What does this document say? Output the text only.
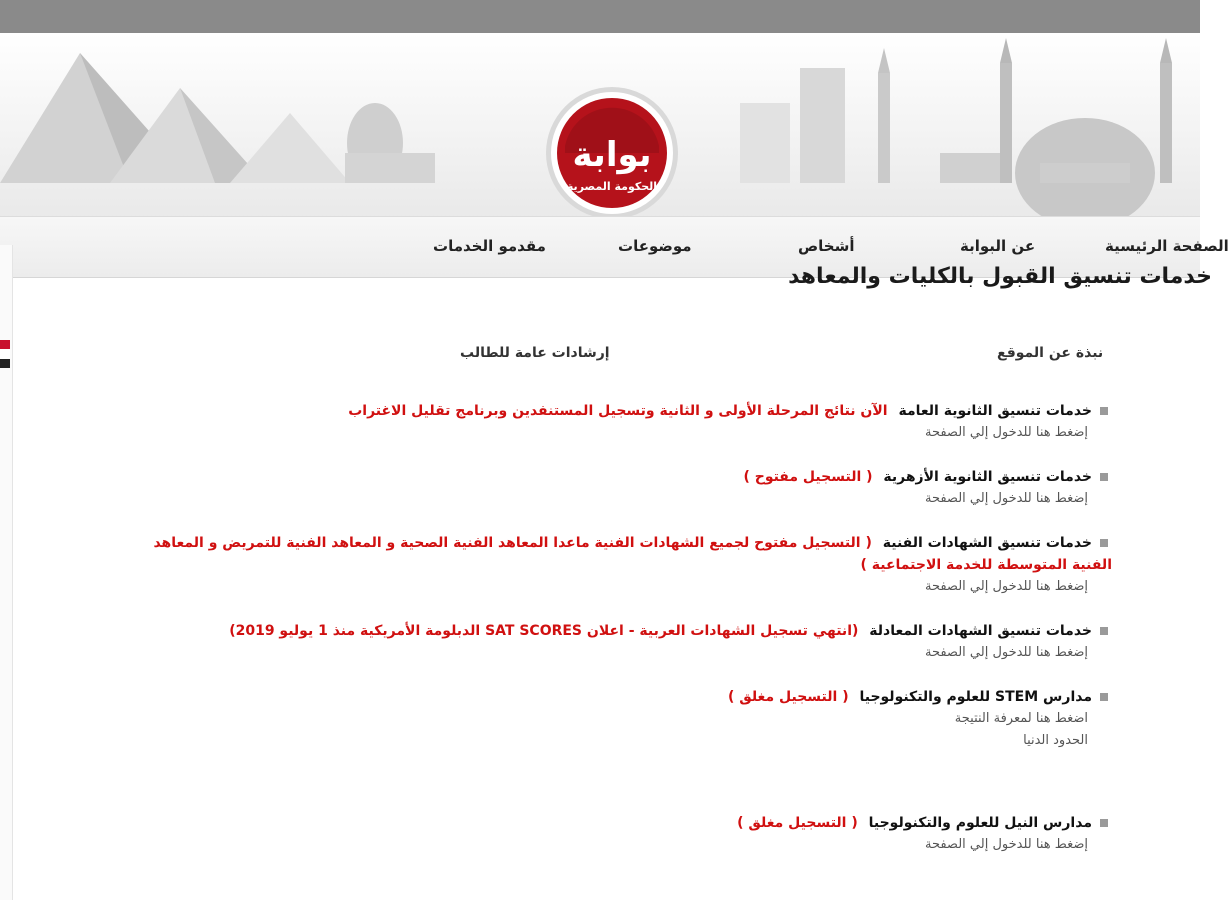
بوابة
الحكومة المصرية
الصفحة الرئيسية
عن البوابة
أشخاص
موضوعات
مقدمو الخدمات
خدمات تنسيق القبول بالكليات والمعاهد
نبذة عن الموقع
إرشادات عامة للطالب
خدمات تنسيق الثانوية العامة الآن نتائج المرحلة الأولى و الثانية وتسجيل المستنفدين وبرنامج تقليل الاغتراب
إضغط هنا للدخول إلي الصفحة
خدمات تنسيق الثانوية الأزهرية ( التسجيل مفتوح )
إضغط هنا للدخول إلي الصفحة
خدمات تنسيق الشهادات الفنية ( التسجيل مفتوح لجميع الشهادات الفنية ماعدا المعاهد الفنية الصحية و المعاهد الفنية للتمريض و المعاهد الفنية المتوسطة للخدمة الاجتماعية )
إضغط هنا للدخول إلي الصفحة
خدمات تنسيق الشهادات المعادلة (انتهي تسجيل الشهادات العربية - اعلان SAT SCORES الدبلومة الأمريكية منذ 1 يوليو 2019)
إضغط هنا للدخول إلي الصفحة
مدارس STEM للعلوم والتكنولوجيا ( التسجيل مغلق )
اضغط هنا لمعرفة النتيجة
الحدود الدنيا
مدارس النيل للعلوم والتكنولوجيا ( التسجيل مغلق )
إضغط هنا للدخول إلي الصفحة
